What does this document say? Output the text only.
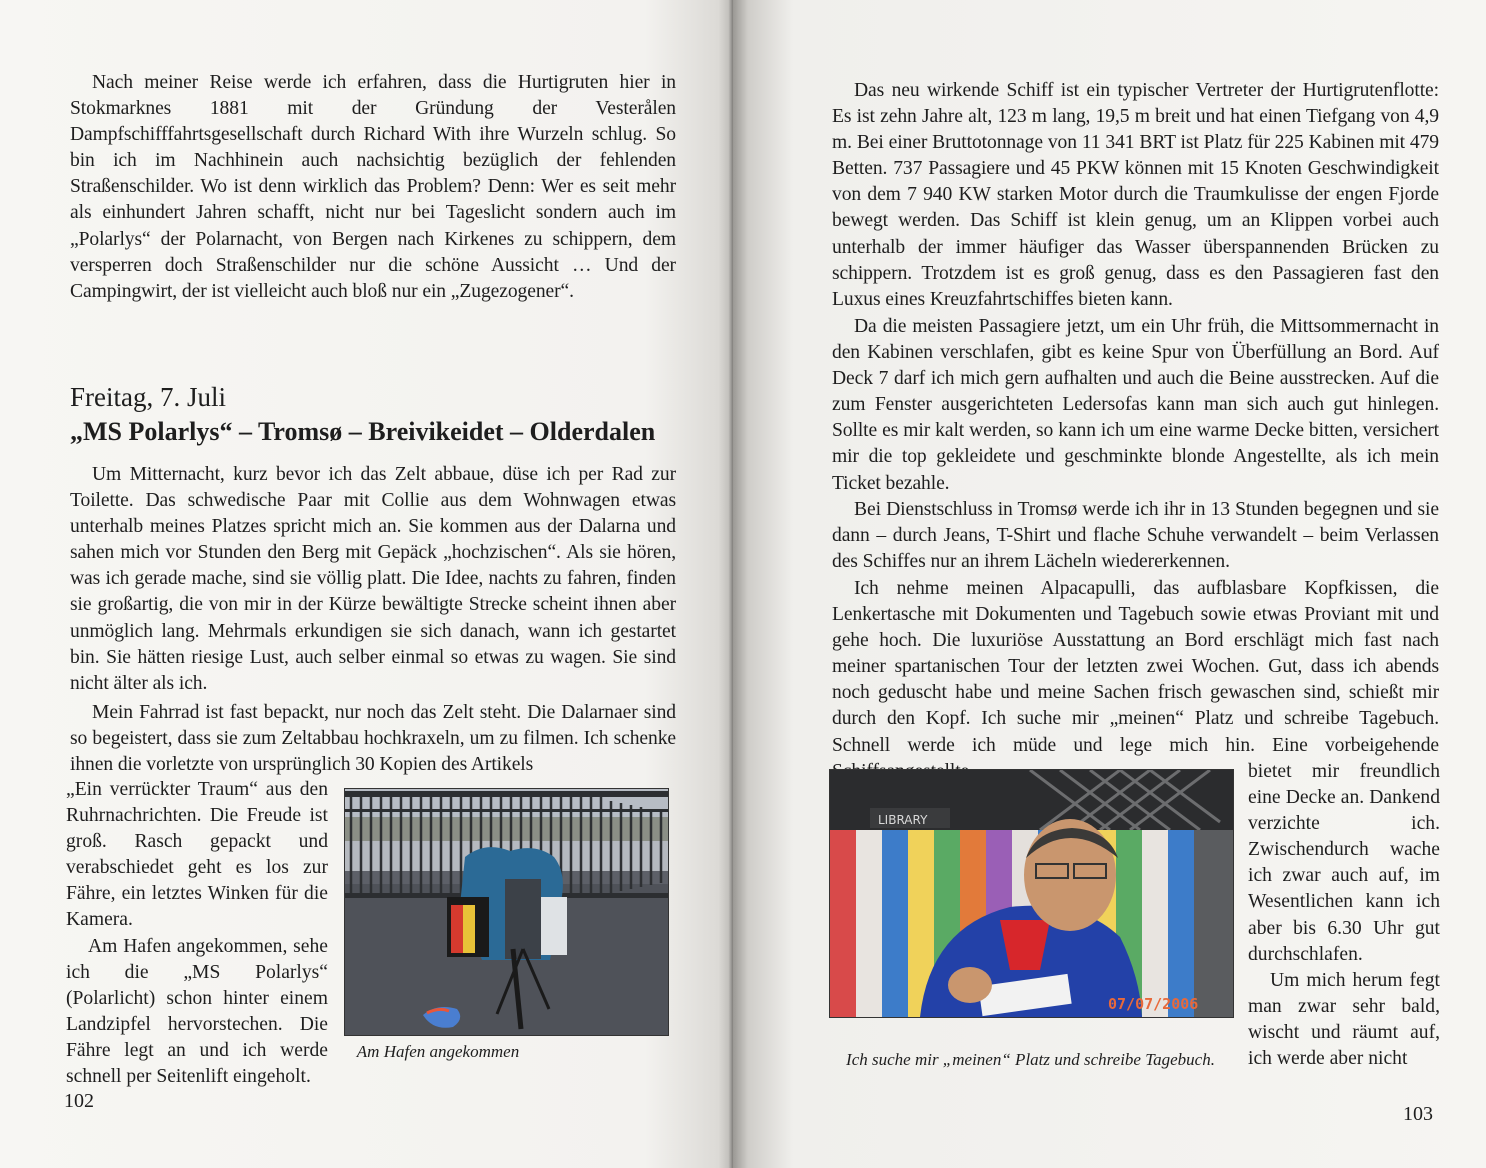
Nach meiner Reise werde ich erfahren, dass die Hurtigruten hier in Stokmarknes 1881 mit der Gründung der Vesterålen Dampfschifffahrtsgesellschaft durch Richard With ihre Wurzeln schlug. So bin ich im Nachhinein auch nachsichtig bezüglich der fehlenden Straßenschilder. Wo ist denn wirklich das Problem? Denn: Wer es seit mehr als einhundert Jahren schafft, nicht nur bei Tageslicht sondern auch im „Polarlys“ der Polarnacht, von Bergen nach Kirkenes zu schippern, dem versperren doch Straßenschilder nur die schöne Aussicht … Und der Campingwirt, der ist vielleicht auch bloß nur ein „Zugezogener“.

Freitag, 7. Juli
„MS Polarlys“ – Tromsø – Breivikeidet – Olderdalen

Um Mitternacht, kurz bevor ich das Zelt abbaue, düse ich per Rad zur Toilette. Das schwedische Paar mit Collie aus dem Wohnwagen etwas unterhalb meines Platzes spricht mich an. Sie kommen aus der Dalarna und sahen mich vor Stunden den Berg mit Gepäck „hochzischen“. Als sie hören, was ich gerade mache, sind sie völlig platt. Die Idee, nachts zu fahren, finden sie großartig, die von mir in der Kürze bewältigte Strecke scheint ihnen aber unmöglich lang. Mehrmals erkundigen sie sich danach, wann ich gestartet bin. Sie hätten riesige Lust, auch selber einmal so etwas zu wagen. Sie sind nicht älter als ich.

Mein Fahrrad ist fast bepackt, nur noch das Zelt steht. Die Dalarnaer sind so begeistert, dass sie zum Zeltabbau hochkraxeln, um zu filmen. Ich schenke ihnen die vorletzte von ursprünglich 30 Kopien des Artikels

„Ein verrückter Traum“ aus den Ruhrnachrichten. Die Freude ist groß. Rasch gepackt und verabschiedet geht es los zur Fähre, ein letztes Winken für die Kamera.

Am Hafen angekommen, sehe ich die „MS Polarlys“ (Polarlicht) schon hinter einem Landzipfel hervorstechen. Die Fähre legt an und ich werde schnell per Seitenlift eingeholt.

Am Hafen angekommen

102

Das neu wirkende Schiff ist ein typischer Vertreter der Hurtigrutenflotte: Es ist zehn Jahre alt, 123 m lang, 19,5 m breit und hat einen Tiefgang von 4,9 m. Bei einer Bruttotonnage von 11 341 BRT ist Platz für 225 Kabinen mit 479 Betten. 737 Passagiere und 45 PKW können mit 15 Knoten Geschwindigkeit von dem 7 940 KW starken Motor durch die Traumkulisse der engen Fjorde bewegt werden. Das Schiff ist klein genug, um an Klippen vorbei auch unterhalb der immer häufiger das Wasser überspannenden Brücken zu schippern. Trotzdem ist es groß genug, dass es den Passagieren fast den Luxus eines Kreuzfahrtschiffes bieten kann.

Da die meisten Passagiere jetzt, um ein Uhr früh, die Mittsommernacht in den Kabinen verschlafen, gibt es keine Spur von Überfüllung an Bord. Auf Deck 7 darf ich mich gern aufhalten und auch die Beine ausstrecken. Auf die zum Fenster ausgerichteten Ledersofas kann man sich auch gut hinlegen. Sollte es mir kalt werden, so kann ich um eine warme Decke bitten, versichert mir die top gekleidete und geschminkte blonde Angestellte, als ich mein Ticket bezahle.

Bei Dienstschluss in Tromsø werde ich ihr in 13 Stunden begegnen und sie dann – durch Jeans, T-Shirt und flache Schuhe verwandelt – beim Verlassen des Schiffes nur an ihrem Lächeln wiedererkennen.

Ich nehme meinen Alpacapulli, das aufblasbare Kopfkissen, die Lenkertasche mit Dokumenten und Tagebuch sowie etwas Proviant mit und gehe hoch. Die luxuriöse Ausstattung an Bord erschlägt mich fast nach meiner spartanischen Tour der letzten zwei Wochen. Gut, dass ich abends noch geduscht habe und meine Sachen frisch gewaschen sind, schießt mir durch den Kopf. Ich suche mir „meinen“ Platz und schreibe Tagebuch. Schnell werde ich müde und lege mich hin. Eine vorbeigehende

bietet mir freundlich eine Decke an. Dankend verzichte ich. Zwischendurch wache ich zwar auch auf, im Wesentlichen kann ich aber bis 6.30 Uhr gut durchschlafen.

Um mich herum fegt man zwar sehr bald, wischt und räumt auf, ich werde aber nicht

LIBRARY
07/07/2006

Ich suche mir „meinen“ Platz und schreibe Tagebuch.

103
